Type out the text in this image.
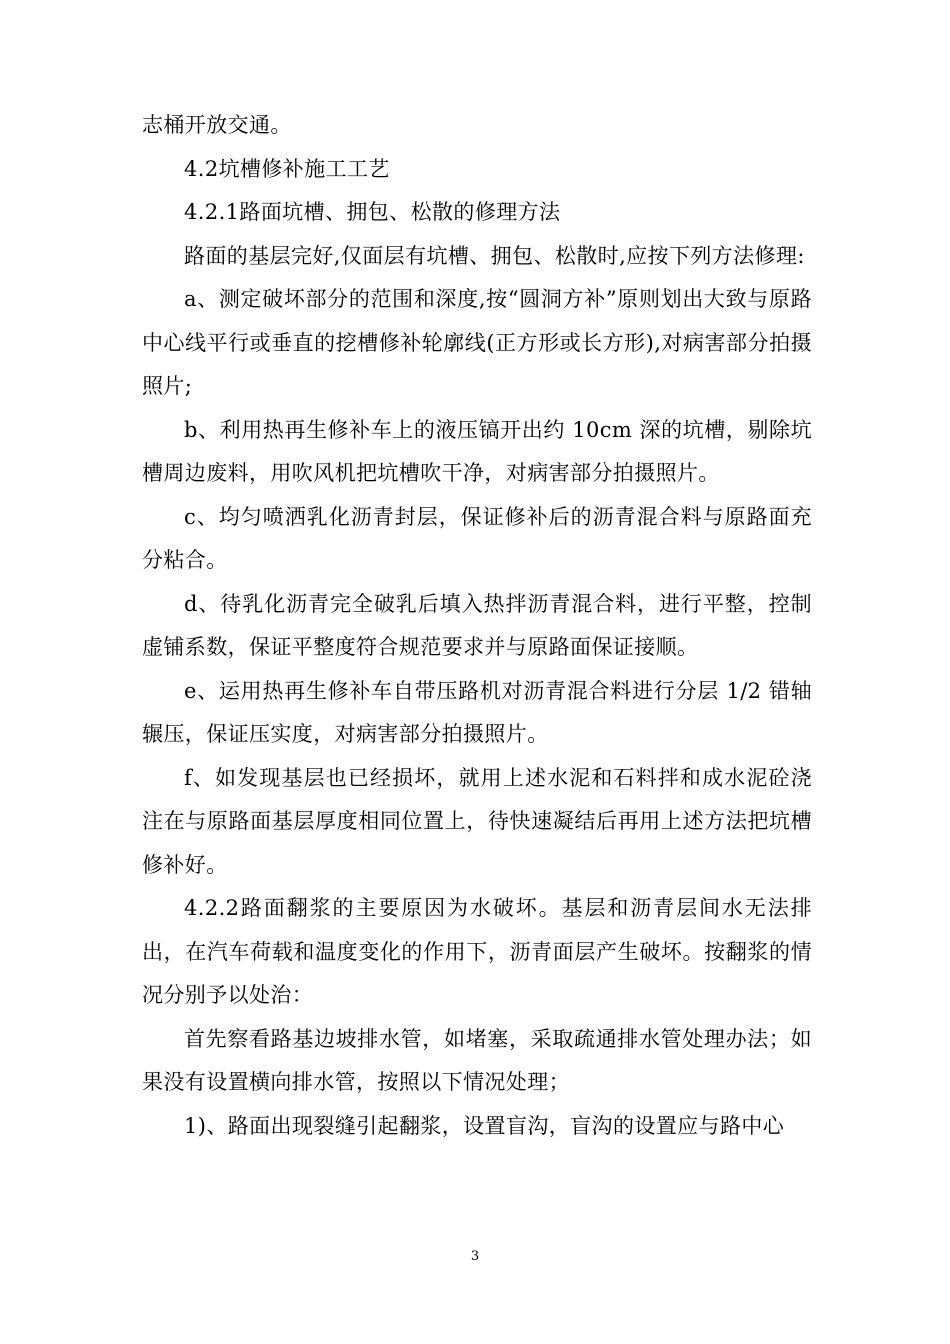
志桶开放交通。

4.2坑槽修补施工工艺

4.2.1路面坑槽、拥包、松散的修理方法

路面的基层完好,仅面层有坑槽、拥包、松散时,应按下列方法修理:

a、测定破坏部分的范围和深度,按“圆洞方补”原则划出大致与原路中心线平行或垂直的挖槽修补轮廓线(正方形或长方形),对病害部分拍摄照片;

b、利用热再生修补车上的液压镐开出约 10cm 深的坑槽，剔除坑槽周边废料，用吹风机把坑槽吹干净，对病害部分拍摄照片。

c、均匀喷洒乳化沥青封层，保证修补后的沥青混合料与原路面充分粘合。

d、待乳化沥青完全破乳后填入热拌沥青混合料，进行平整，控制虚铺系数，保证平整度符合规范要求并与原路面保证接顺。

e、运用热再生修补车自带压路机对沥青混合料进行分层 1/2 错轴辗压，保证压实度，对病害部分拍摄照片。

f、如发现基层也已经损坏，就用上述水泥和石料拌和成水泥砼浇注在与原路面基层厚度相同位置上，待快速凝结后再用上述方法把坑槽修补好。

4.2.2路面翻浆的主要原因为水破坏。基层和沥青层间水无法排出，在汽车荷载和温度变化的作用下，沥青面层产生破坏。按翻浆的情况分别予以处治：

首先察看路基边坡排水管，如堵塞，采取疏通排水管处理办法；如果没有设置横向排水管，按照以下情况处理；

1)、路面出现裂缝引起翻浆，设置盲沟，盲沟的设置应与路中心

3
